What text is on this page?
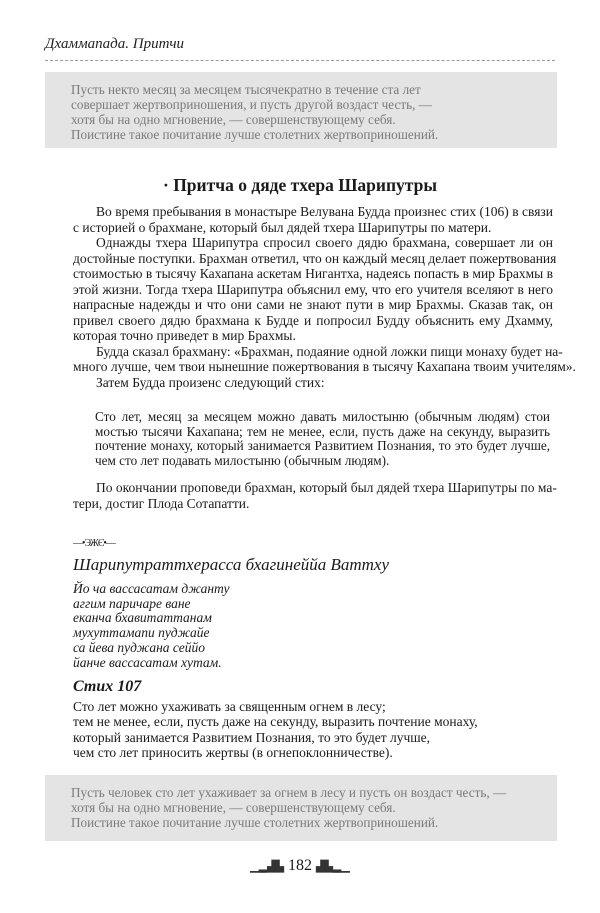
Дхаммапада. Притчи
Пусть некто месяц за месяцем тысячекратно в течение ста лет
совершает жертвоприношения, и пусть другой воздаст честь, —
хотя бы на одно мгновение, — совершенствующему себя.
Поистине такое почитание лучше столетних жертвоприношений.
· Притча о дяде тхера Шарипутры
Во время пребывания в монастыре Велувана Будда произнес стих (106) в связи
с историей о брахмане, который был дядей тхера Шарипутры по матери.
Однажды тхера Шарипутра спросил своего дядю брахмана, совершает ли он
достойные поступки. Брахман ответил, что он каждый месяц делает пожертвования
стоимостью в тысячу Кахапана аскетам Нигантха, надеясь попасть в мир Брахмы в
этой жизни. Тогда тхера Шарипутра объяснил ему, что его учителя вселяют в него
напрасные надежды и что они сами не знают пути в мир Брахмы. Сказав так, он
привел своего дядю брахмана к Будде и попросил Будду объяснить ему Дхамму,
которая точно приведет в мир Брахмы.
Будда сказал брахману: «Брахман, подаяние одной ложки пищи монаху будет на-
много лучше, чем твои нынешние пожертвования в тысячу Кахапана твоим учителям».
Затем Будда произенс следующий стих:
Сто лет, месяц за месяцем можно давать милостыню (обычным людям) стои
мостью тысячи Кахапана; тем не менее, если, пусть даже на секунду, выразить
почтение монаху, который занимается Развитием Познания, то это будет лучше,
чем сто лет подавать милостыню (обычным людям).
По окончании проповеди брахман, который был дядей тхера Шарипутры по ма-
тери, достиг Плода Сотапатти.
—•ЭЖЄ•—
Шарипутраттхерасса бхагинеййа Ваттху
Йо ча вассасатам джанту
аггим паричаре ване
еканча бхавитаттанам
мухуттамапи пуджайе
са йева пуджана сеййо
йанче вассасатам хутам.
Стих 107
Сто лет можно ухаживать за священным огнем в лесу;
тем не менее, если, пусть даже на секунду, выразить почтение монаху,
который занимается Развитием Познания, то это будет лучше,
чем сто лет приносить жертвы (в огнепоклонничестве).
Пусть человек сто лет ухаживает за огнем в лесу и пусть он воздаст честь, —
хотя бы на одно мгновение, — совершенствующему себя.
Поистине такое почитание лучше столетних жертвоприношений.
▁▂▟▙ 182 ▟▙▂▁
